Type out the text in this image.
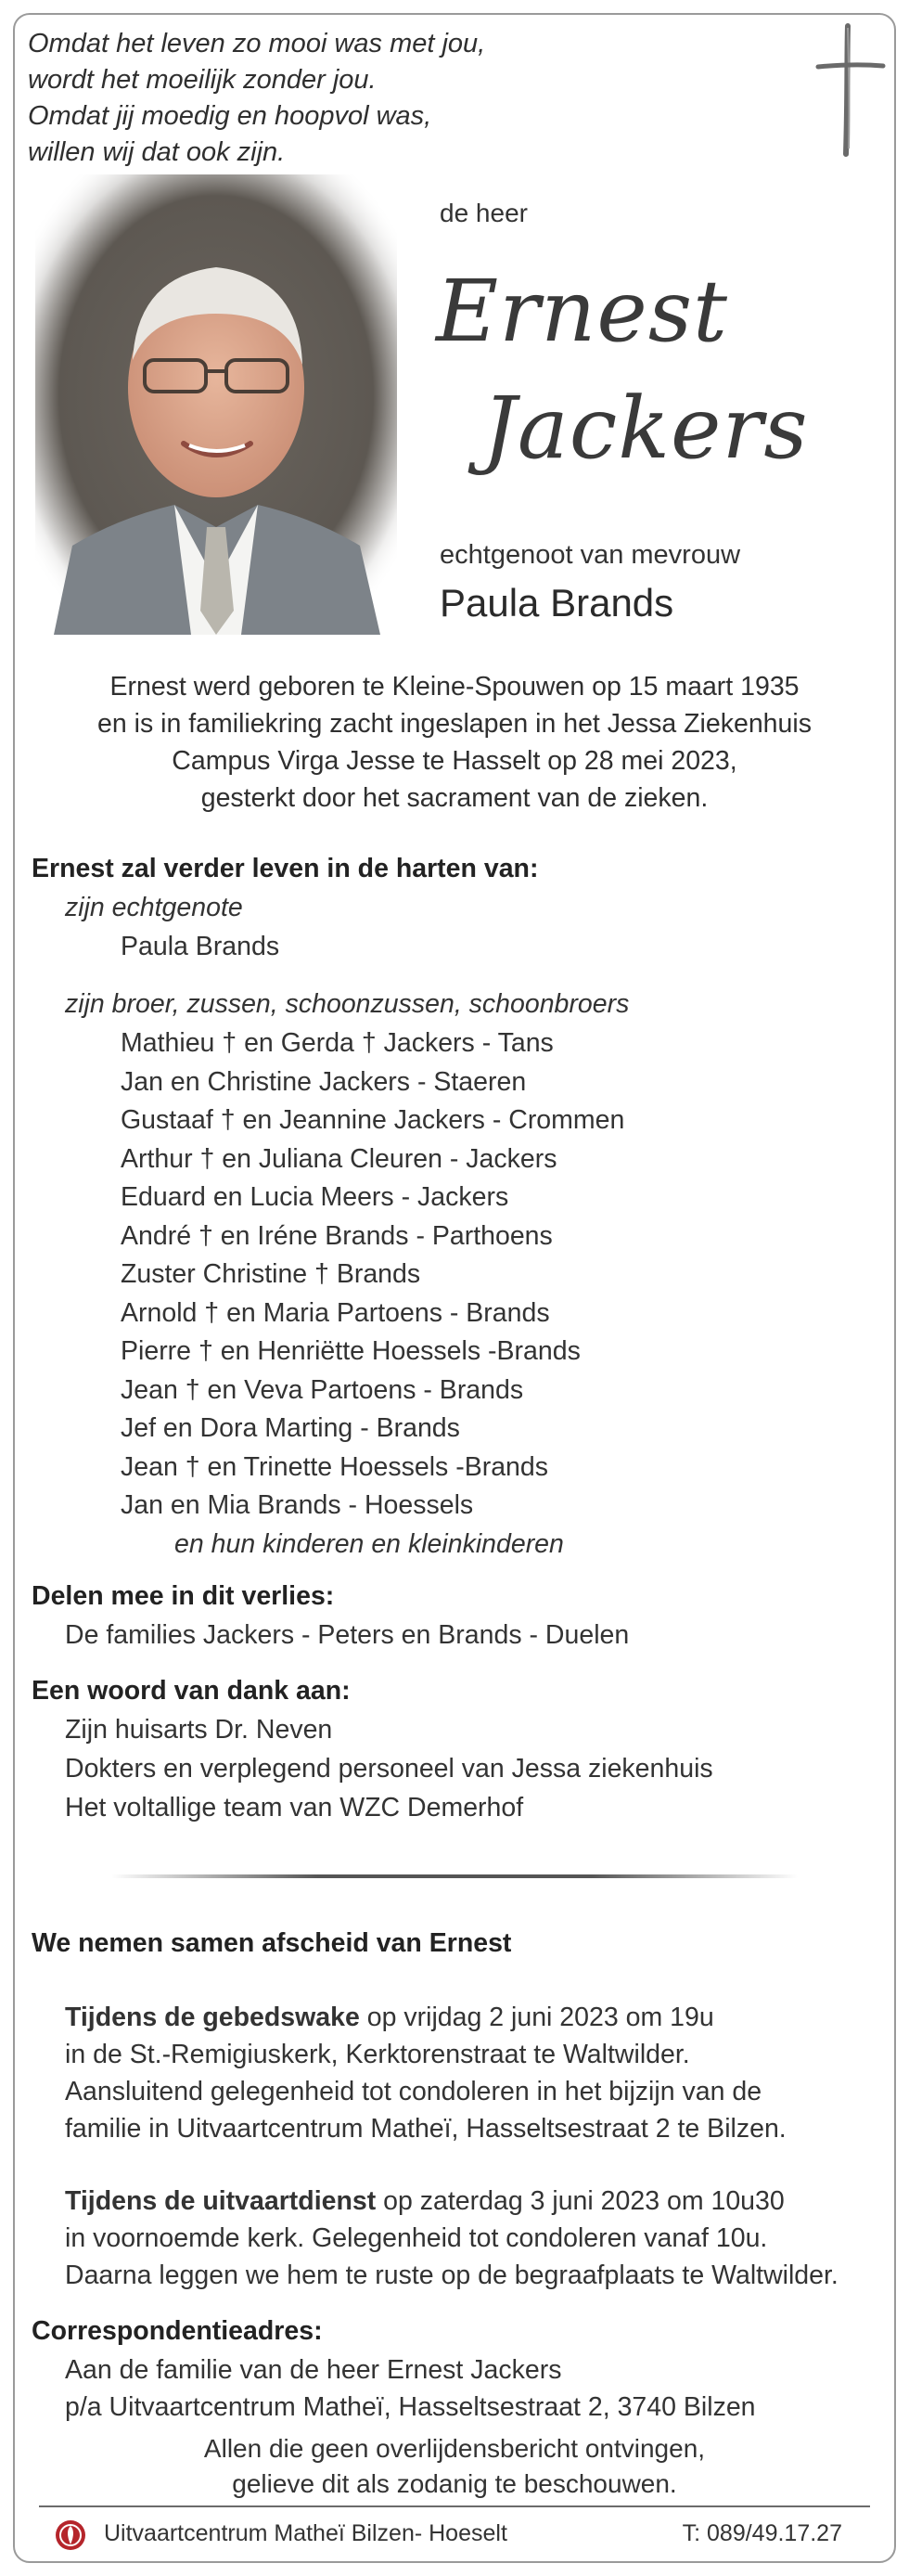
Omdat het leven zo mooi was met jou,
wordt het moeilijk zonder jou.
Omdat jij moedig en hoopvol was,
willen wij dat ook zijn.
de heer
Ernest
Jackers
echtgenoot van mevrouw
Paula Brands
Ernest werd geboren te Kleine-Spouwen op 15 maart 1935
en is in familiekring zacht ingeslapen in het Jessa Ziekenhuis
Campus Virga Jesse te Hasselt op 28 mei 2023,
gesterkt door het sacrament van de zieken.
Ernest zal verder leven in de harten van:
zijn echtgenote
Paula Brands
zijn broer, zussen, schoonzussen, schoonbroers
Mathieu † en Gerda † Jackers - Tans
Jan en Christine Jackers - Staeren
Gustaaf † en Jeannine Jackers - Crommen
Arthur † en Juliana Cleuren - Jackers
Eduard en Lucia Meers - Jackers
André † en Iréne Brands - Parthoens
Zuster Christine † Brands
Arnold † en Maria Partoens - Brands
Pierre † en Henriëtte Hoessels -Brands
Jean † en Veva Partoens - Brands
Jef en Dora Marting - Brands
Jean † en Trinette Hoessels -Brands
Jan en Mia Brands - Hoessels
en hun kinderen en kleinkinderen
Delen mee in dit verlies:
De families Jackers - Peters en Brands - Duelen
Een woord van dank aan:
Zijn huisarts Dr. Neven
Dokters en verplegend personeel van Jessa ziekenhuis
Het voltallige team van WZC Demerhof
We nemen samen afscheid van Ernest
Tijdens de gebedswake op vrijdag 2 juni 2023 om 19u
in de St.-Remigiuskerk, Kerktorenstraat te Waltwilder.
Aansluitend gelegenheid tot condoleren in het bijzijn van de
familie in Uitvaartcentrum Matheï, Hasseltsestraat 2 te Bilzen.
Tijdens de uitvaartdienst op zaterdag 3 juni 2023 om 10u30
in voornoemde kerk. Gelegenheid tot condoleren vanaf 10u.
Daarna leggen we hem te ruste op de begraafplaats te Waltwilder.
Correspondentieadres:
Aan de familie van de heer Ernest Jackers
p/a Uitvaartcentrum Matheï, Hasseltsestraat 2, 3740 Bilzen
Allen die geen overlijdensbericht ontvingen,
gelieve dit als zodanig te beschouwen.
Uitvaartcentrum Matheï Bilzen- Hoeselt	T: 089/49.17.27
